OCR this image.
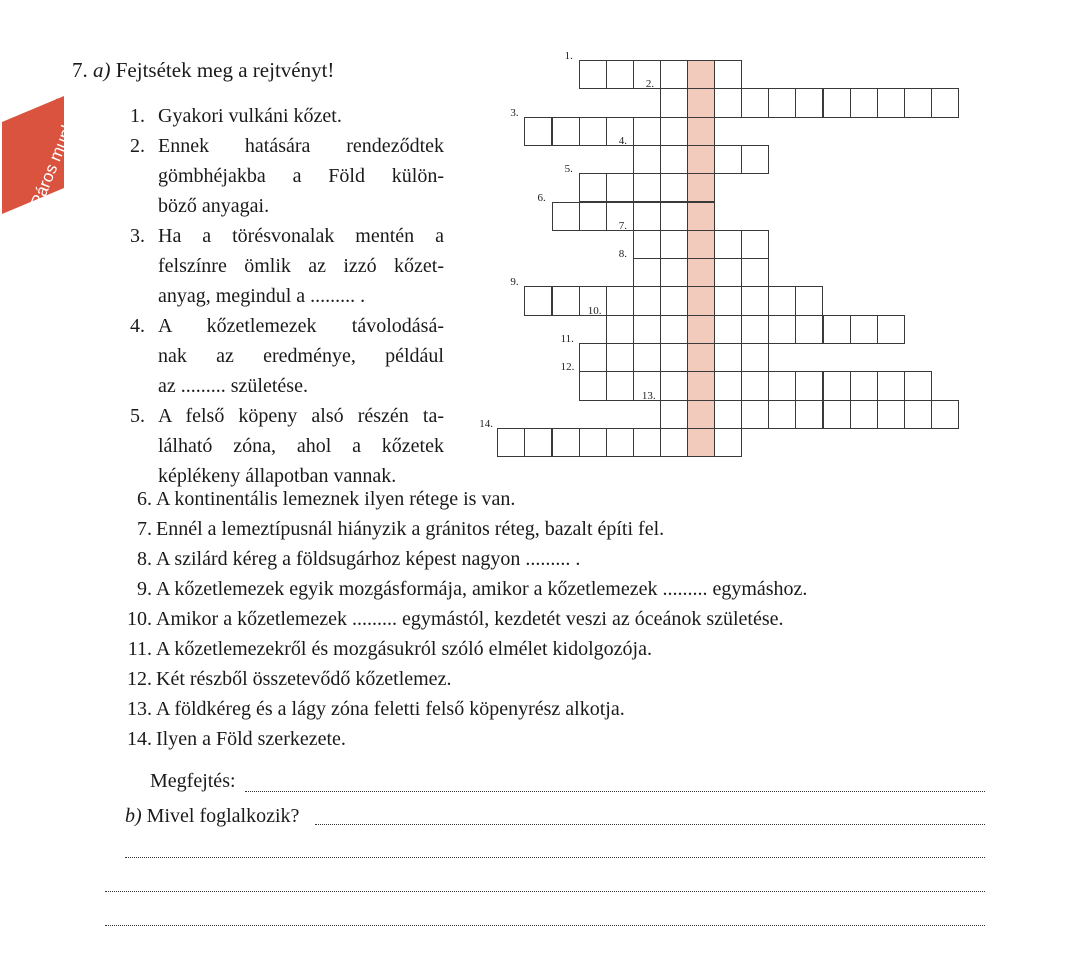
Páros munka
7. a) Fejtsétek meg a rejtvényt!
1. Gyakori vulkáni kőzet.
2. Ennek hatására rendeződtek
gömbhéjakba a Föld külön-
böző anyagai.
3. Ha a törésvonalak mentén a
felszínre ömlik az izzó kőzet-
anyag, megindul a ......... .
4. A kőzetlemezek távolodásá-
nak az eredménye, például
az ......... születése.
5. A felső köpeny alsó részén ta-
lálható zóna, ahol a kőzetek
képlékeny állapotban vannak.
6. A kontinentális lemeznek ilyen rétege is van.
7. Ennél a lemeztípusnál hiányzik a gránitos réteg, bazalt építi fel.
8. A szilárd kéreg a földsugárhoz képest nagyon ......... .
9. A kőzetlemezek egyik mozgásformája, amikor a kőzetlemezek ......... egymáshoz.
10. Amikor a kőzetlemezek ......... egymástól, kezdetét veszi az óceánok születése.
11. A kőzetlemezekről és mozgásukról szóló elmélet kidolgozója.
12. Két részből összetevődő kőzetlemez.
13. A földkéreg és a lágy zóna feletti felső köpenyrész alkotja.
14. Ilyen a Föld szerkezete.
1.
2.
3.
4.
5.
6.
7.
8.
9.
10.
11.
12.
13.
14.
Megfejtés:
b) Mivel foglalkozik?
